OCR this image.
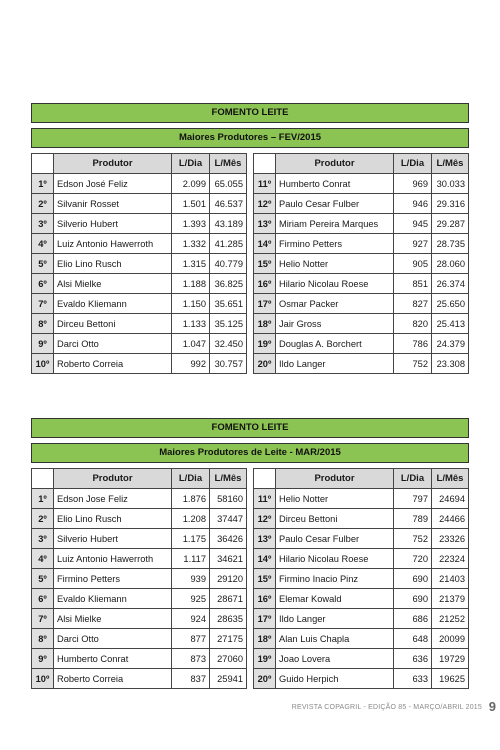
FOMENTO LEITE
Maiores Produtores – FEV/2015
	Produtor	L/Dia	L/Mês
1º	Edson José Feliz	2.099	65.055
2º	Silvanir Rosset	1.501	46.537
3º	Silverio Hubert	1.393	43.189
4º	Luiz Antonio Hawerroth	1.332	41.285
5º	Elio Lino Rusch	1.315	40.779
6º	Alsi Mielke	1.188	36.825
7º	Evaldo Kliemann	1.150	35.651
8º	Dirceu Bettoni	1.133	35.125
9º	Darci Otto	1.047	32.450
10º	Roberto Correia	992	30.757
	Produtor	L/Dia	L/Mês
11º	Humberto Conrat	969	30.033
12º	Paulo Cesar Fulber	946	29.316
13º	Miriam Pereira Marques	945	29.287
14º	Firmino Petters	927	28.735
15º	Helio Notter	905	28.060
16º	Hilario Nicolau Roese	851	26.374
17º	Osmar Packer	827	25.650
18º	Jair Gross	820	25.413
19º	Douglas A. Borchert	786	24.379
20º	Ildo Langer	752	23.308
FOMENTO LEITE
Maiores Produtores de Leite - MAR/2015
	Produtor	L/Dia	L/Mês
1º	Edson Jose Feliz	1.876	58160
2º	Elio Lino Rusch	1.208	37447
3º	Silverio Hubert	1.175	36426
4º	Luiz Antonio Hawerroth	1.117	34621
5º	Firmino Petters	939	29120
6º	Evaldo Kliemann	925	28671
7º	Alsi Mielke	924	28635
8º	Darci Otto	877	27175
9º	Humberto Conrat	873	27060
10º	Roberto Correia	837	25941
	Produtor	L/Dia	L/Mês
11º	Helio Notter	797	24694
12º	Dirceu Bettoni	789	24466
13º	Paulo Cesar Fulber	752	23326
14º	Hilario Nicolau Roese	720	22324
15º	Firmino Inacio Pinz	690	21403
16º	Elemar Kowald	690	21379
17º	Ildo Langer	686	21252
18º	Alan Luis Chapla	648	20099
19º	Joao Lovera	636	19729
20º	Guido Herpich	633	19625
REVISTA COPAGRIL - EDIÇÃO 85 - MARÇO/ABRIL 2015 9
